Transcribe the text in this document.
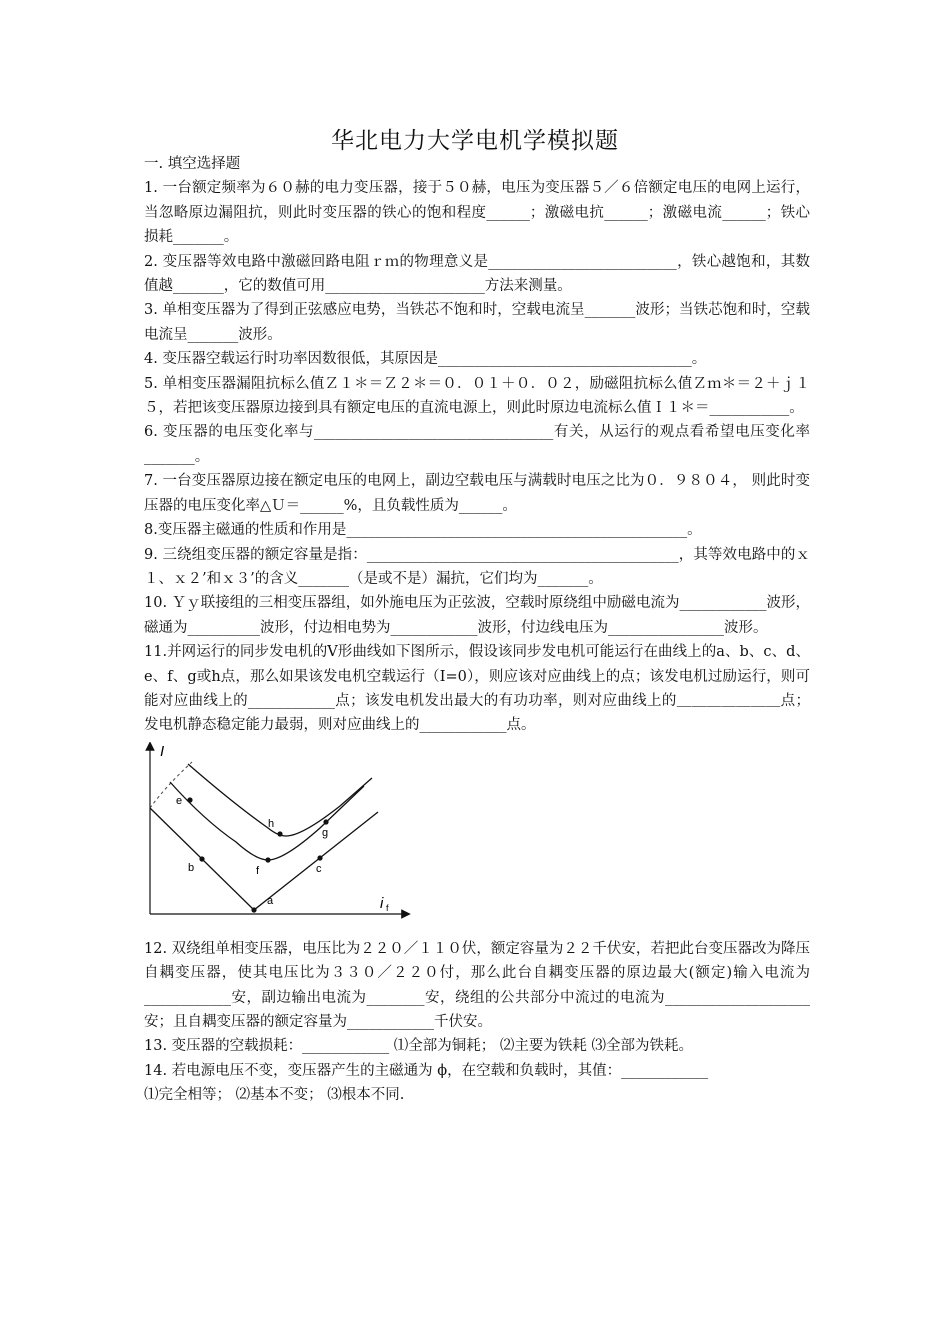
华北电力大学电机学模拟题

一. 填空选择题

1. 一台额定频率为６０赫的电力变压器，接于５０赫，电压为变压器５／６倍额定电压的电网上运行，当忽略原边漏阻抗，则此时变压器的铁心的饱和程度______；激磁电抗______；激磁电流______；铁心损耗_______。

2. 变压器等效电路中激磁回路电阻ｒｍ的物理意义是__________________________，铁心越饱和，其数值越_______，它的数值可用______________________方法来测量。

3. 单相变压器为了得到正弦感应电势，当铁芯不饱和时，空载电流呈_______波形；当铁芯饱和时，空载电流呈_______波形。

4. 变压器空载运行时功率因数很低，其原因是___________________________________。

5. 单相变压器漏阻抗标么值Ｚ１＊＝Ｚ２＊＝０．０１＋０．０２，励磁阻抗标么值Ｚｍ＊＝２＋ｊ１５，若把该变压器原边接到具有额定电压的直流电源上，则此时原边电流标么值Ｉ１＊＝___________。

6. 变压器的电压变化率与_________________________________有关，从运行的观点看希望电压变化率_______。

7. 一台变压器原边接在额定电压的电网上，副边空载电压与满载时电压之比为０．９８０４， 则此时变压器的电压变化率△Ｕ＝______%，且负载性质为______。

8.变压器主磁通的性质和作用是_______________________________________________。

9. 三绕组变压器的额定容量是指：___________________________________________，其等效电路中的ｘ１、ｘ２’和ｘ３’的含义_______（是或不是）漏抗，它们均为_______。

10. Ｙｙ联接组的三相变压器组，如外施电压为正弦波，空载时原绕组中励磁电流为____________波形，磁通为__________波形，付边相电势为____________波形，付边线电压为________________波形。

11.并网运行的同步发电机的V形曲线如下图所示，假设该同步发电机可能运行在曲线上的a、b、c、d、e、f、g或h点，那么如果该发电机空载运行（I=0），则应该对应曲线上的点；该发电机过励运行，则可能对应曲线上的____________点；该发电机发出最大的有功功率，则对应曲线上的＿＿＿＿＿＿＿点；发电机静态稳定能力最弱，则对应曲线上的____________点。

I
i f
a
b	c
e
f
g
h

12. 双绕组单相变压器，电压比为２２０／１１０伏，额定容量为２２千伏安，若把此台变压器改为降压自耦变压器，使其电压比为３３０／２２０付，那么此台自耦变压器的原边最大(额定)输入电流为____________安，副边输出电流为________安，绕组的公共部分中流过的电流为____________________安；且自耦变压器的额定容量为____________千伏安。

13. 变压器的空载损耗：____________ ⑴全部为铜耗； ⑵主要为铁耗 ⑶全部为铁耗。

14. 若电源电压不变，变压器产生的主磁通为 ϕ，在空载和负载时，其值：____________

⑴完全相等； ⑵基本不变； ⑶根本不同.
